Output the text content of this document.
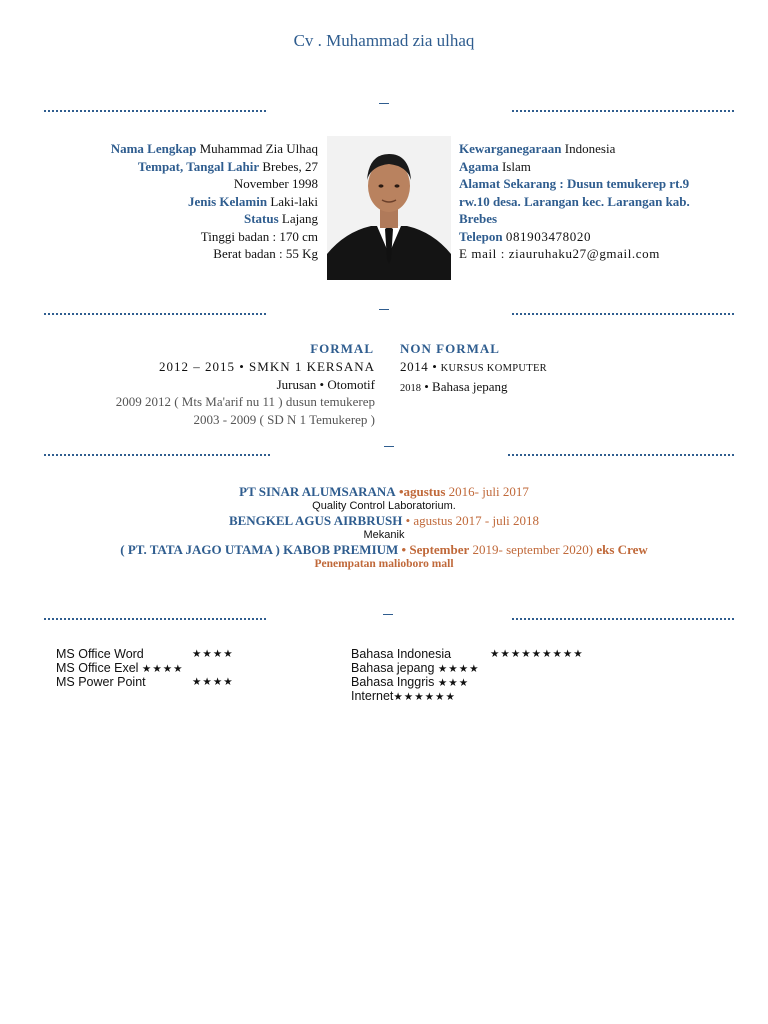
Cv . Muhammad zia ulhaq
Nama Lengkap Muhammad Zia Ulhaq
Tempat, Tangal Lahir Brebes, 27
November 1998
Jenis Kelamin Laki-laki
Status Lajang
Tinggi badan : 170 cm
Berat badan : 55 Kg
Kewarganegaraan Indonesia
Agama Islam
Alamat Sekarang : Dusun temukerep rt.9
rw.10 desa. Larangan kec. Larangan kab.
Brebes
Telepon 081903478020
E mail : ziauruhaku27@gmail.com
FORMAL NON FORMAL
2012 – 2015 • SMKN 1 KERSANA
Jurusan • Otomotif
2009 2012 ( Mts Ma'arif nu 11 ) dusun temukerep
2003 - 2009 ( SD N 1 Temukerep )
2014 • KURSUS KOMPUTER
2018 • Bahasa jepang
PT SINAR ALUMSARANA •agustus 2016- juli 2017
Quality Control Laboratorium.
BENGKEL AGUS AIRBRUSH • agustus 2017 - juli 2018
Mekanik
( PT. TATA JAGO UTAMA ) KABOB PREMIUM • September 2019- september 2020) eks Crew
Penempatan malioboro mall
MS Office Word	★★★★
MS Office Exel ★★★★
MS Power Point	★★★★
Bahasa Indonesia	★★★★★★★★★
Bahasa jepang ★★★★
Bahasa Inggris ★★★
Internet★★★★★★
